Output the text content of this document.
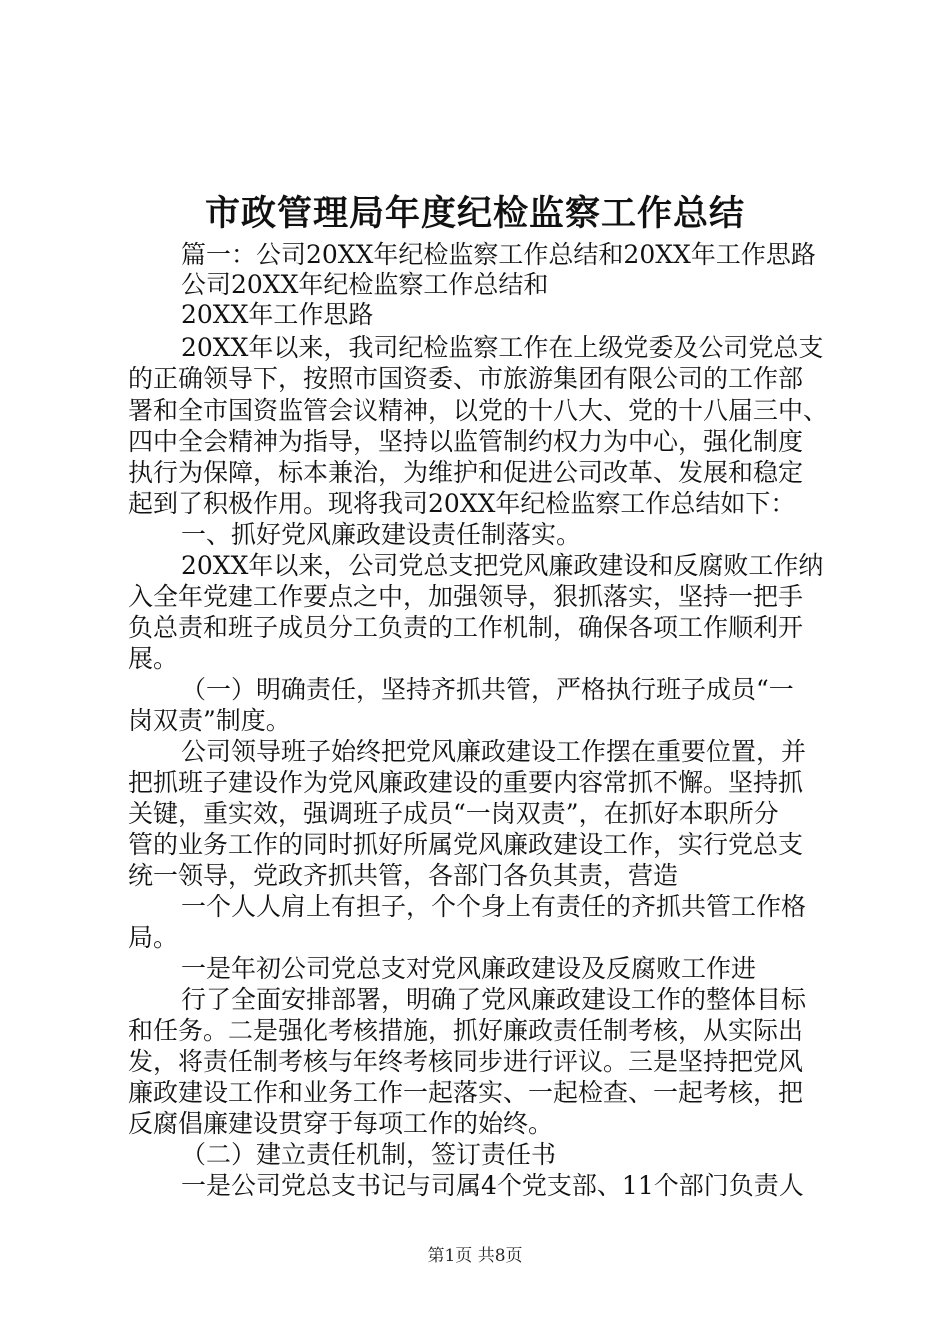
市政管理局年度纪检监察工作总结
篇一：公司20XX年纪检监察工作总结和20XX年工作思路
公司20XX年纪检监察工作总结和
20XX年工作思路
20XX年以来，我司纪检监察工作在上级党委及公司党总支
的正确领导下，按照市国资委、市旅游集团有限公司的工作部
署和全市国资监管会议精神，以党的十八大、党的十八届三中、
四中全会精神为指导，坚持以监管制约权力为中心，强化制度
执行为保障，标本兼治，为维护和促进公司改革、发展和稳定
起到了积极作用。现将我司20XX年纪检监察工作总结如下：
一、抓好党风廉政建设责任制落实。
20XX年以来，公司党总支把党风廉政建设和反腐败工作纳
入全年党建工作要点之中，加强领导，狠抓落实，坚持一把手
负总责和班子成员分工负责的工作机制，确保各项工作顺利开
展。
（一）明确责任，坚持齐抓共管，严格执行班子成员“一
岗双责”制度。
公司领导班子始终把党风廉政建设工作摆在重要位置，并
把抓班子建设作为党风廉政建设的重要内容常抓不懈。坚持抓
关键，重实效，强调班子成员“一岗双责”，在抓好本职所分
管的业务工作的同时抓好所属党风廉政建设工作，实行党总支
统一领导，党政齐抓共管，各部门各负其责，营造
一个人人肩上有担子，个个身上有责任的齐抓共管工作格
局。
一是年初公司党总支对党风廉政建设及反腐败工作进
行了全面安排部署，明确了党风廉政建设工作的整体目标
和任务。二是强化考核措施，抓好廉政责任制考核，从实际出
发，将责任制考核与年终考核同步进行评议。三是坚持把党风
廉政建设工作和业务工作一起落实、一起检查、一起考核，把
反腐倡廉建设贯穿于每项工作的始终。
（二）建立责任机制，签订责任书
一是公司党总支书记与司属4个党支部、11个部门负责人
第1页 共8页
